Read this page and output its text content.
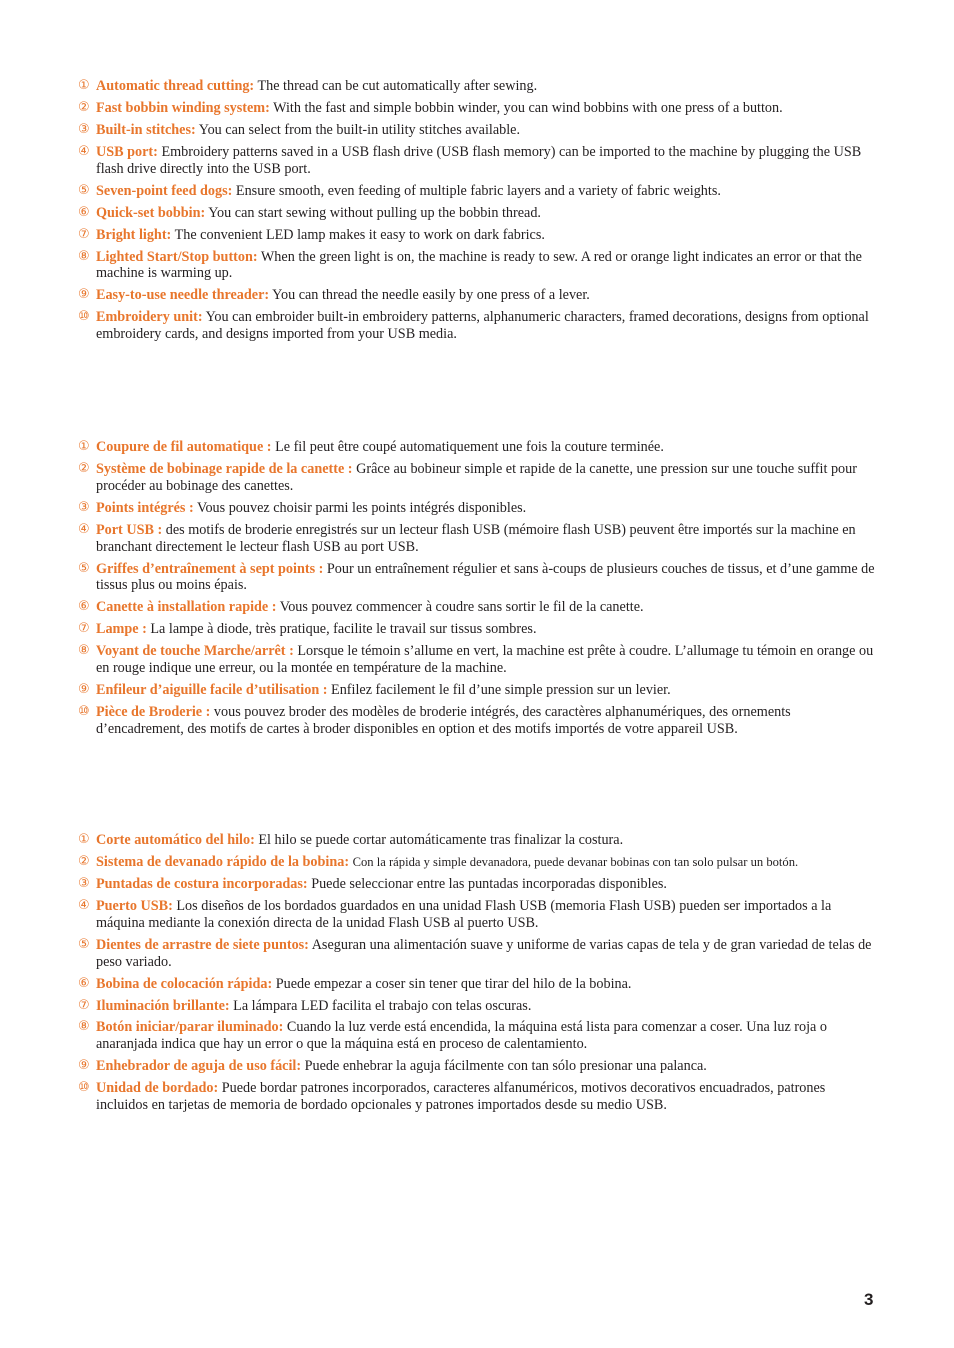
① Automatic thread cutting: The thread can be cut automatically after sewing.
② Fast bobbin winding system: With the fast and simple bobbin winder, you can wind bobbins with one press of a button.
③ Built-in stitches: You can select from the built-in utility stitches available.
④ USB port: Embroidery patterns saved in a USB flash drive (USB flash memory) can be imported to the machine by plugging the USB flash drive directly into the USB port.
⑤ Seven-point feed dogs: Ensure smooth, even feeding of multiple fabric layers and a variety of fabric weights.
⑥ Quick-set bobbin: You can start sewing without pulling up the bobbin thread.
⑦ Bright light: The convenient LED lamp makes it easy to work on dark fabrics.
⑧ Lighted Start/Stop button: When the green light is on, the machine is ready to sew. A red or orange light indicates an error or that the machine is warming up.
⑨ Easy-to-use needle threader: You can thread the needle easily by one press of a lever.
⑩ Embroidery unit: You can embroider built-in embroidery patterns, alphanumeric characters, framed decorations, designs from optional embroidery cards, and designs imported from your USB media.
① Coupure de fil automatique : Le fil peut être coupé automatiquement une fois la couture terminée.
② Système de bobinage rapide de la canette : Grâce au bobineur simple et rapide de la canette, une pression sur une touche suffit pour procéder au bobinage des canettes.
③ Points intégrés : Vous pouvez choisir parmi les points intégrés disponibles.
④ Port USB : des motifs de broderie enregistrés sur un lecteur flash USB (mémoire flash USB) peuvent être importés sur la machine en branchant directement le lecteur flash USB au port USB.
⑤ Griffes d’entraînement à sept points : Pour un entraînement régulier et sans à-coups de plusieurs couches de tissus, et d’une gamme de tissus plus ou moins épais.
⑥ Canette à installation rapide : Vous pouvez commencer à coudre sans sortir le fil de la canette.
⑦ Lampe : La lampe à diode, très pratique, facilite le travail sur tissus sombres.
⑧ Voyant de touche Marche/arrêt : Lorsque le témoin s’allume en vert, la machine est prête à coudre. L’allumage tu témoin en orange ou en rouge indique une erreur, ou la montée en température de la machine.
⑨ Enfileur d’aiguille facile d’utilisation : Enfilez facilement le fil d’une simple pression sur un levier.
⑩ Pièce de Broderie : vous pouvez broder des modèles de broderie intégrés, des caractères alphanumériques, des ornements d’encadrement, des motifs de cartes à broder disponibles en option et des motifs importés de votre appareil USB.
① Corte automático del hilo: El hilo se puede cortar automáticamente tras finalizar la costura.
② Sistema de devanado rápido de la bobina: Con la rápida y simple devanadora, puede devanar bobinas con tan solo pulsar un botón.
③ Puntadas de costura incorporadas: Puede seleccionar entre las puntadas incorporadas disponibles.
④ Puerto USB: Los diseños de los bordados guardados en una unidad Flash USB (memoria Flash USB) pueden ser importados a la máquina mediante la conexión directa de la unidad Flash USB al puerto USB.
⑤ Dientes de arrastre de siete puntos: Aseguran una alimentación suave y uniforme de varias capas de tela y de gran variedad de telas de peso variado.
⑥ Bobina de colocación rápida: Puede empezar a coser sin tener que tirar del hilo de la bobina.
⑦ Iluminación brillante: La lámpara LED facilita el trabajo con telas oscuras.
⑧ Botón iniciar/parar iluminado: Cuando la luz verde está encendida, la máquina está lista para comenzar a coser. Una luz roja o anaranjada indica que hay un error o que la máquina está en proceso de calentamiento.
⑨ Enhebrador de aguja de uso fácil: Puede enhebrar la aguja fácilmente con tan sólo presionar una palanca.
⑩ Unidad de bordado: Puede bordar patrones incorporados, caracteres alfanuméricos, motivos decorativos encuadrados, patrones incluidos en tarjetas de memoria de bordado opcionales y patrones importados desde su medio USB.
3
